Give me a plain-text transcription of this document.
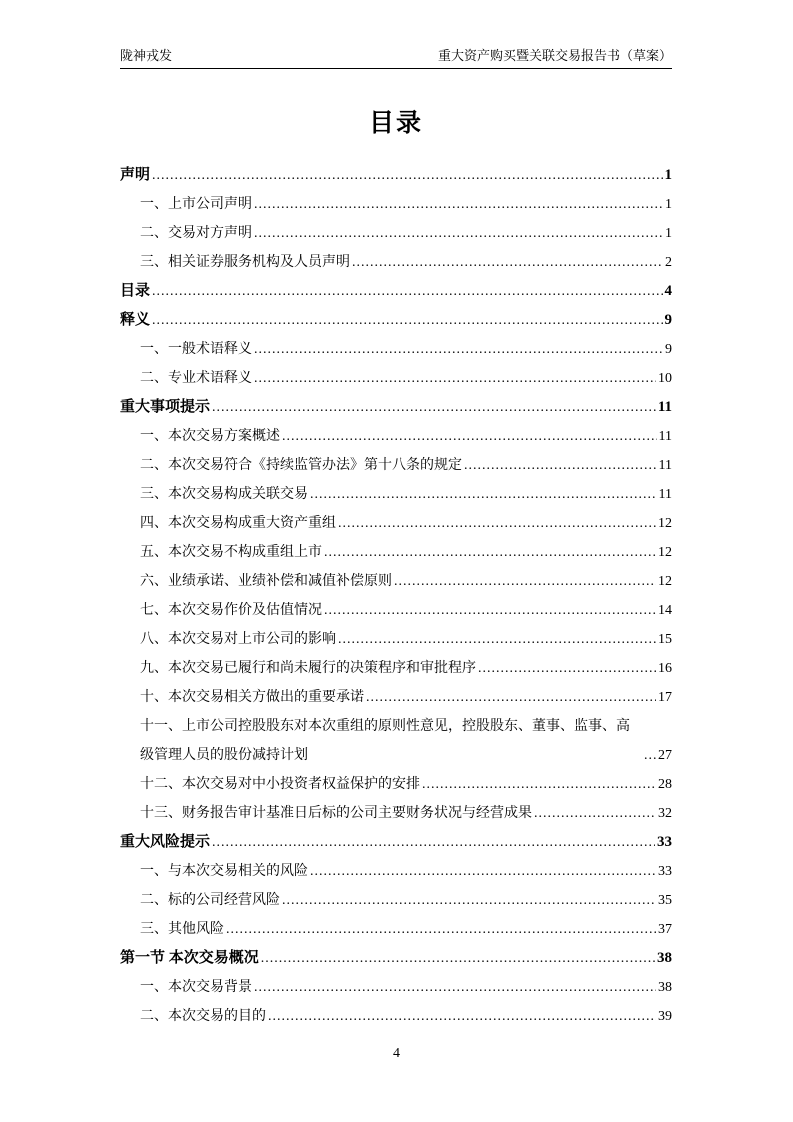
陇神戎发	重大资产购买暨关联交易报告书（草案）
目录
声明 .....	1
一、上市公司声明 .....	1
二、交易对方声明 .....	1
三、相关证券服务机构及人员声明 .....	2
目录 .....	4
释义 .....	9
一、一般术语释义 .....	9
二、专业术语释义 .....	10
重大事项提示 .....	11
一、本次交易方案概述 .....	11
二、本次交易符合《持续监管办法》第十八条的规定 .....	11
三、本次交易构成关联交易 .....	11
四、本次交易构成重大资产重组 .....	12
五、本次交易不构成重组上市 .....	12
六、业绩承诺、业绩补偿和减值补偿原则 .....	12
七、本次交易作价及估值情况 .....	14
八、本次交易对上市公司的影响 .....	15
九、本次交易已履行和尚未履行的决策程序和审批程序 .....	16
十、本次交易相关方做出的重要承诺 .....	17
十一、上市公司控股股东对本次重组的原则性意见，控股股东、董事、监事、高级管理人员的股份减持计划 .....	27
十二、本次交易对中小投资者权益保护的安排 .....	28
十三、财务报告审计基准日后标的公司主要财务状况与经营成果 .....	32
重大风险提示 .....	33
一、与本次交易相关的风险 .....	33
二、标的公司经营风险 .....	35
三、其他风险 .....	37
第一节 本次交易概况 .....	38
一、本次交易背景 .....	38
二、本次交易的目的 .....	39
4
